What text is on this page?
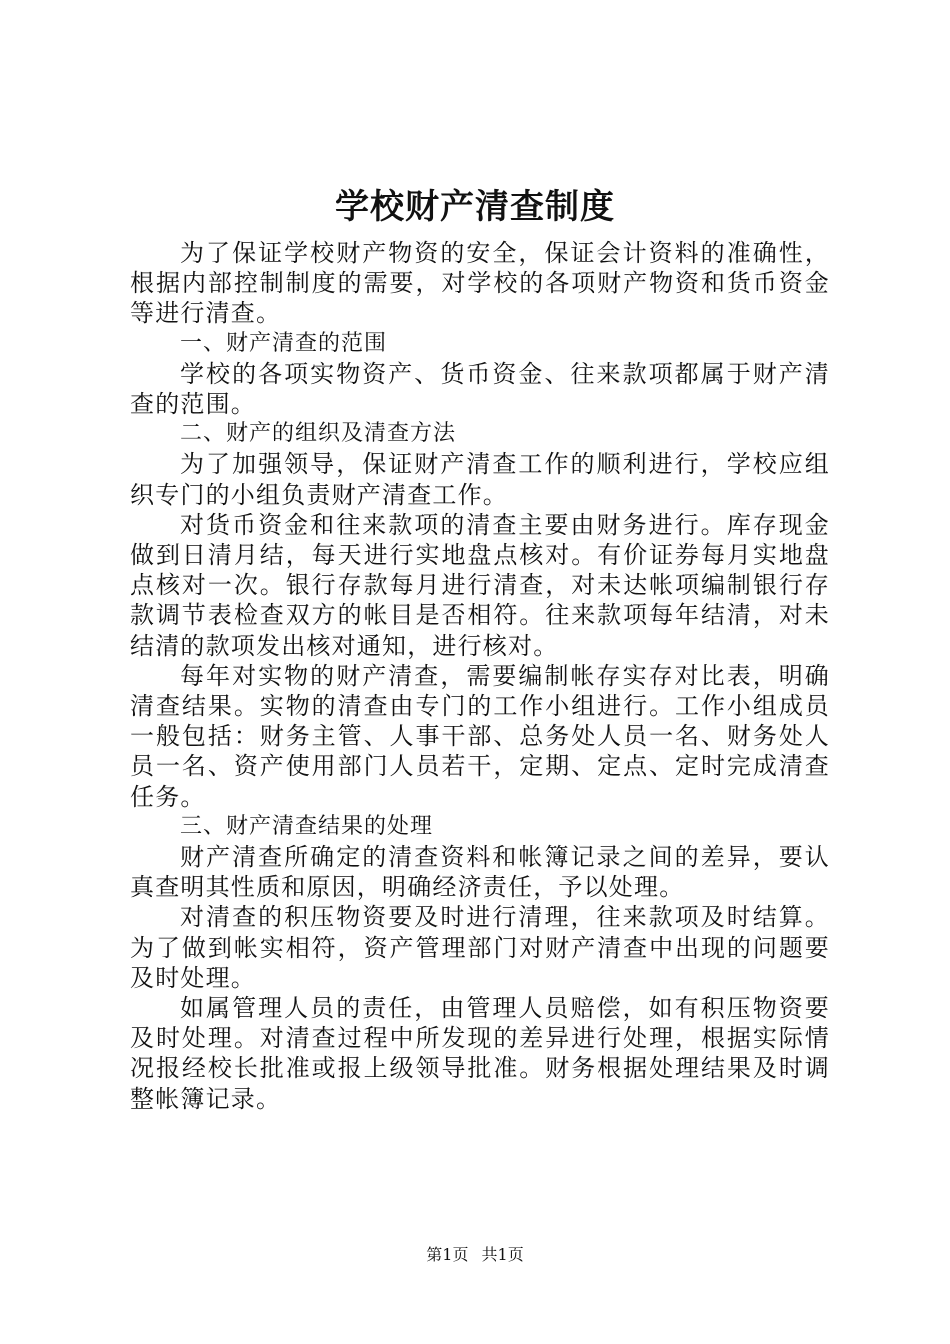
学校财产清查制度

为了保证学校财产物资的安全，保证会计资料的准确性，根据内部控制制度的需要，对学校的各项财产物资和货币资金等进行清查。

一、财产清查的范围

学校的各项实物资产、货币资金、往来款项都属于财产清查的范围。

二、财产的组织及清查方法

为了加强领导，保证财产清查工作的顺利进行，学校应组织专门的小组负责财产清查工作。

对货币资金和往来款项的清查主要由财务进行。库存现金做到日清月结，每天进行实地盘点核对。有价证券每月实地盘点核对一次。银行存款每月进行清查，对未达帐项编制银行存款调节表检查双方的帐目是否相符。往来款项每年结清，对未结清的款项发出核对通知，进行核对。

每年对实物的财产清查，需要编制帐存实存对比表，明确清查结果。实物的清查由专门的工作小组进行。工作小组成员一般包括：财务主管、人事干部、总务处人员一名、财务处人员一名、资产使用部门人员若干，定期、定点、定时完成清查任务。

三、财产清查结果的处理

财产清查所确定的清查资料和帐簿记录之间的差异，要认真查明其性质和原因，明确经济责任，予以处理。

对清查的积压物资要及时进行清理，往来款项及时结算。为了做到帐实相符，资产管理部门对财产清查中出现的问题要及时处理。

如属管理人员的责任，由管理人员赔偿，如有积压物资要及时处理。对清查过程中所发现的差异进行处理，根据实际情况报经校长批准或报上级领导批准。财务根据处理结果及时调整帐簿记录。

第1页 共1页
